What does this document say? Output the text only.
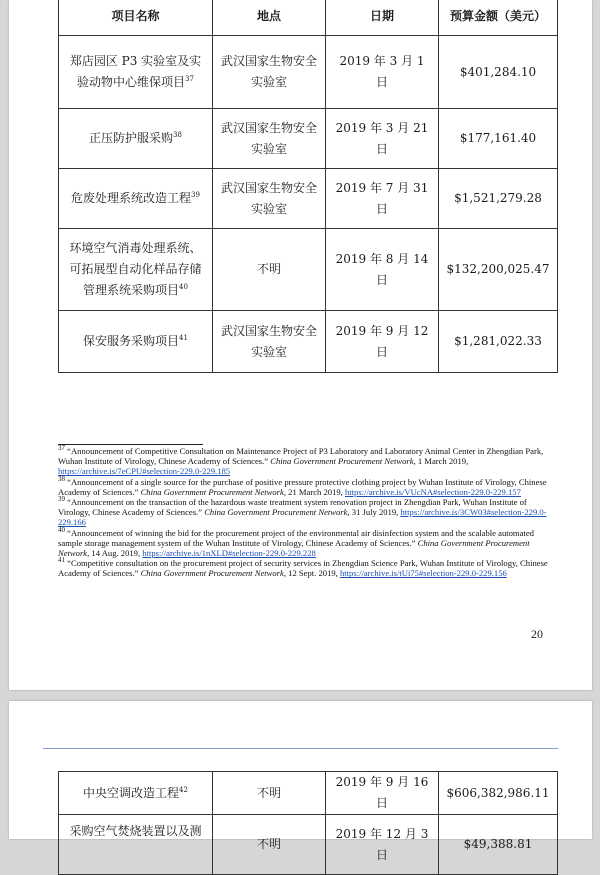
项目名称	地点	日期	预算金额（美元）
郑店园区 P3 实验室及实验动物中心维保项目$^{37}$	武汉国家生物安全实验室	2019 年 3 月 1 日	$401,284.10
正压防护服采购$^{38}$	武汉国家生物安全实验室	2019 年 3 月 21 日	$177,161.40
危废处理系统改造工程$^{39}$	武汉国家生物安全实验室	2019 年 7 月 31 日	$1,521,279.28
环境空气消毒处理系统、可拓展型自动化样品存储管理系统采购项目$^{40}$	不明	2019 年 8 月 14 日	$132,200,025.47
保安服务采购项目$^{41}$	武汉国家生物安全实验室	2019 年 9 月 12 日	$1,281,022.33

$^{37}$ “Announcement of Competitive Consultation on Maintenance Project of P3 Laboratory and Laboratory Animal Center in Zhengdian Park, Wuhan Institute of Virology, Chinese Academy of Sciences.” China Government Procurement Network, 1 March 2019, https://archive.is/7eCPU#selection-229.0-229.185

$^{38}$ “Announcement of a single source for the purchase of positive pressure protective clothing project by Wuhan Institute of Virology, Chinese Academy of Sciences.” China Government Procurement Network, 21 March 2019, https://archive.is/VUcNA#selection-229.0-229.157

$^{39}$ “Announcement on the transaction of the hazardous waste treatment system renovation project in Zhengdian Park, Wuhan Institute of Virology, Chinese Academy of Sciences.” China Government Procurement Network, 31 July 2019, https://archive.is/3CW03#selection-229.0-229.166

$^{40}$ “Announcement of winning the bid for the procurement project of the environmental air disinfection system and the scalable automated sample storage management system of the Wuhan Institute of Virology, Chinese Academy of Sciences.” China Government Procurement Network, 14 Aug. 2019, https://archive.is/1nXLD#selection-229.0-229.228

$^{41}$ “Competitive consultation on the procurement project of security services in Zhengdian Science Park, Wuhan Institute of Virology, Chinese Academy of Sciences.” China Government Procurement Network, 12 Sept. 2019, https://archive.is/tUi75#selection-229.0-229.156

20
中央空调改造工程$^{42}$	不明	2019 年 9 月 16 日	$606,382,986.11
采购空气焚烧装置以及测	不明	2019 年 12 月 3 日	$49,388.81
